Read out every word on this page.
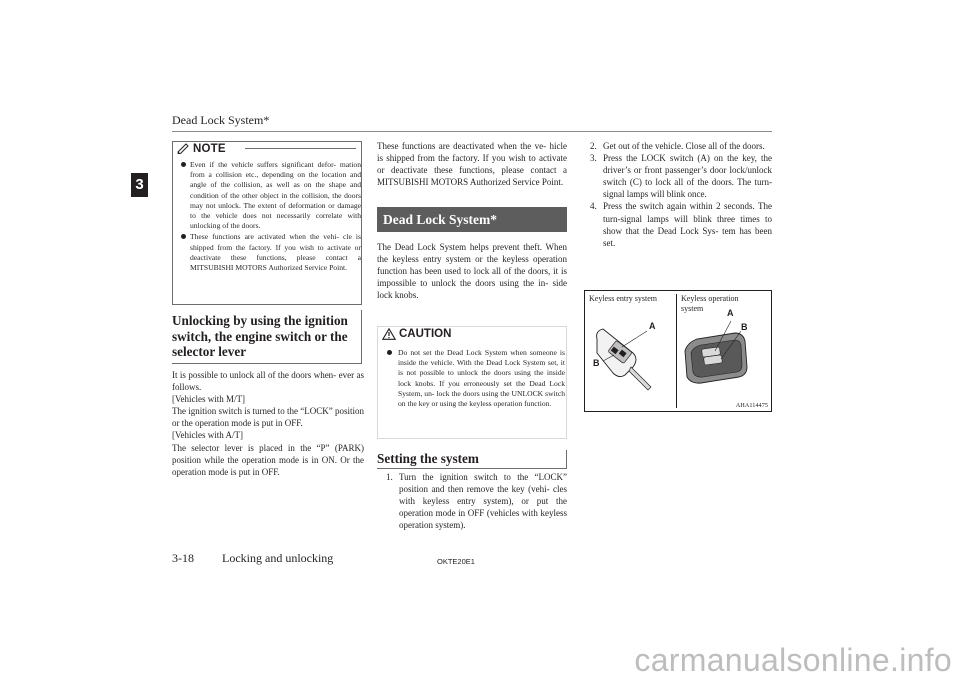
Dead Lock System*
3
NOTE
Even if the vehicle suffers significant defor- mation from a collision etc., depending on the location and angle of the collision, as well as on the shape and condition of the other object in the collision, the doors may not unlock. The extent of deformation or damage to the vehicle does not necessarily correlate with unlocking of the doors.
These functions are activated when the vehi- cle is shipped from the factory. If you wish to activate or deactivate these functions, please contact a MITSUBISHI MOTORS Authorized Service Point.
Unlocking by using the ignition switch, the engine switch or the selector lever

It is possible to unlock all of the doors when- ever as follows.

[Vehicles with M/T]

The ignition switch is turned to the “LOCK” position or the operation mode is put in OFF.

[Vehicles with A/T]

The selector lever is placed in the “P” (PARK) position while the operation mode is in ON. Or the operation mode is put in OFF.

These functions are deactivated when the ve- hicle is shipped from the factory. If you wish to activate or deactivate these functions, please contact a MITSUBISHI MOTORS Authorized Service Point.
Dead Lock System*
The Dead Lock System helps prevent theft. When the keyless entry system or the keyless operation function has been used to lock all of the doors, it is impossible to unlock the doors using the in- side lock knobs.
CAUTION
Do not set the Dead Lock System when someone is inside the vehicle. With the Dead Lock System set, it is not possible to unlock the doors using the inside lock knobs. If you erroneously set the Dead Lock System, un- lock the doors using the UNLOCK switch on the key or using the keyless operation function.
Setting the system
1. Turn the ignition switch to the “LOCK” position and then remove the key (vehi- cles with keyless entry system), or put the operation mode in OFF (vehicles with keyless operation system).
2. Get out of the vehicle. Close all of the doors.
3. Press the LOCK switch (A) on the key, the driver’s or front passenger’s door lock/unlock switch (C) to lock all of the doors. The turn-signal lamps will blink once.
4. Press the switch again within 2 seconds. The turn-signal lamps will blink three times to show that the Dead Lock Sys- tem has been set.
Keyless entry system	Keyless operation system
A
B
A
B
AHA114475
3-18 Locking and unlocking	OKTE20E1
carmanualsonline.info
